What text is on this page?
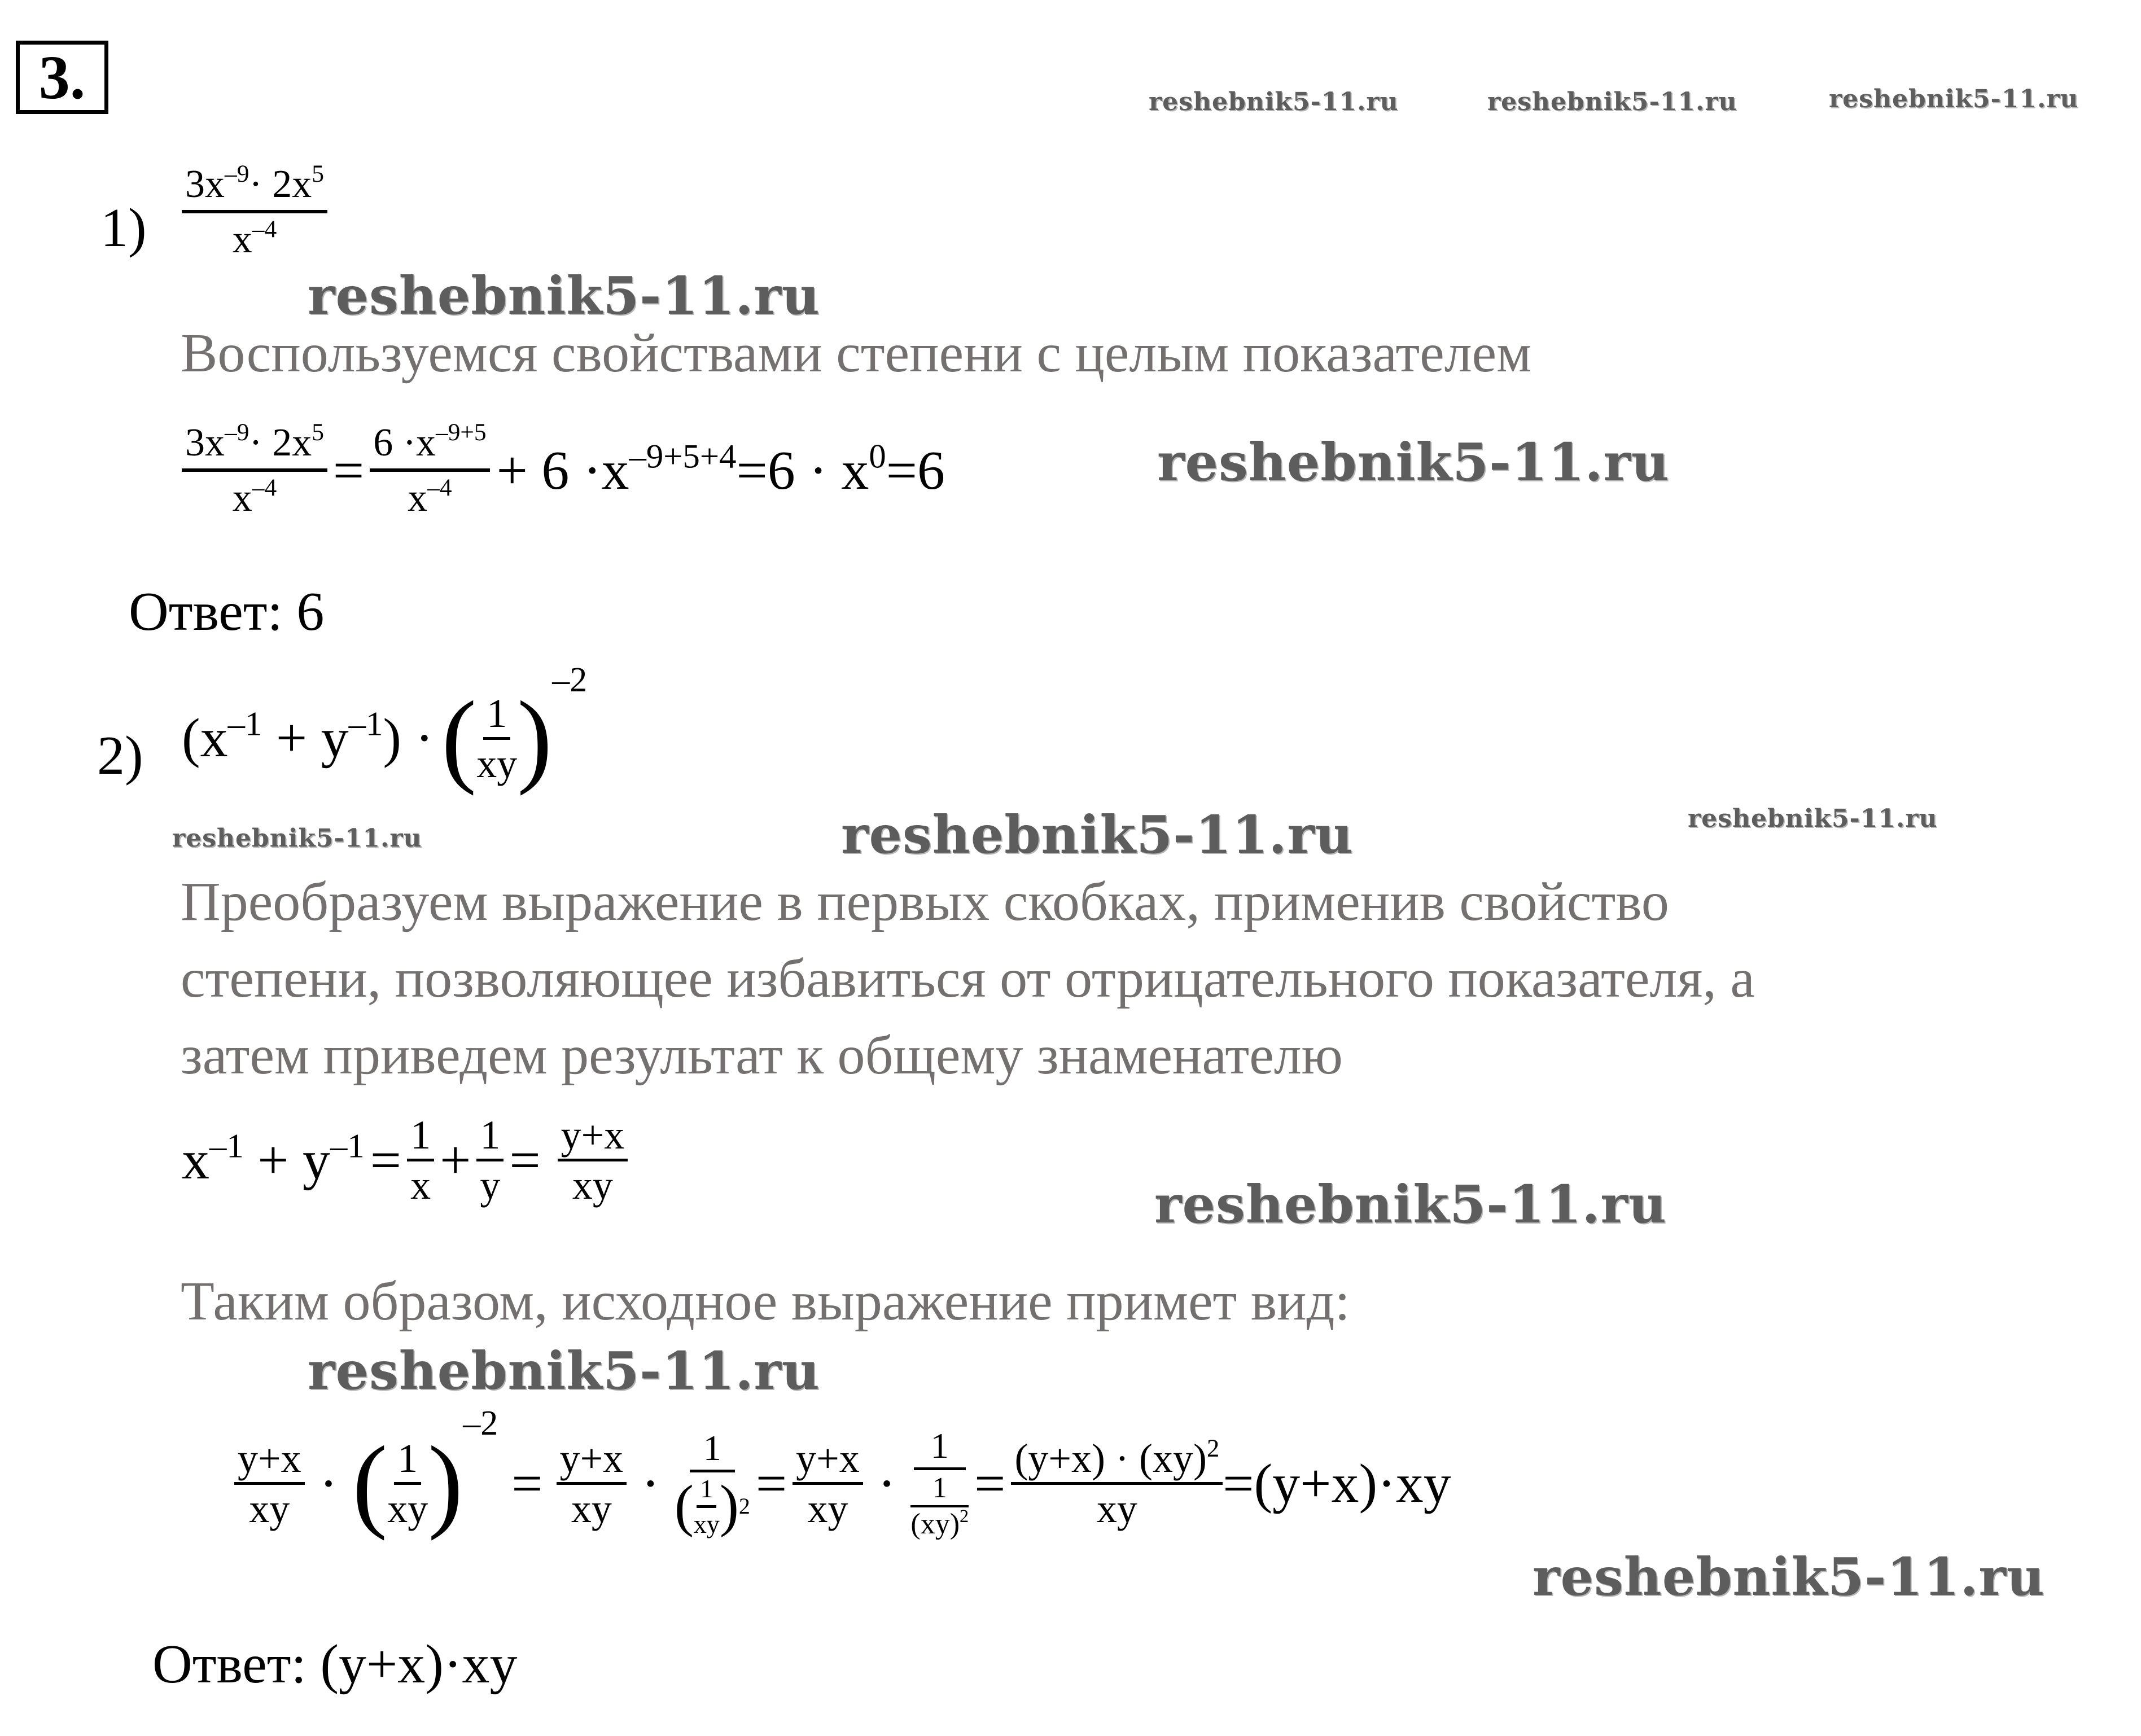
3.	reshebnik5-11.ru	reshebnik5-11.ru	reshebnik5-11.ru
$1) \frac{3x^{-9}\cdot 2x^5}{x^{-4}}$
reshebnik5-11.ru
Воспользуемся свойствами степени с целым показателем
$\frac{3x^{-9}\cdot 2x^5}{x^{-4}} = \frac{6 \cdot x^{-9+5}}{x^{-4}} + 6 \cdot x^{-9+5+4}=6 \cdot x^0=6$	reshebnik5-11.ru
Ответ: 6
2) $(x^{-1} + y^{-1})$ · ( $\frac{1}{xy}$ ) –2
reshebnik5-11.ru	reshebnik5-11.ru	reshebnik5-11.ru
Преобразуем выражение в первых скобках, применив свойство
степени, позволяющее избавиться от отрицательного показателя, а
затем приведем результат к общему знаменателю
$x^{-1} + y^{-1} = \frac{1}{x} + \frac{1}{y} = \frac{y+x}{xy}$	reshebnik5-11.ru
Таким образом, исходное выражение примет вид:
reshebnik5-11.ru
$\frac{y+x}{xy}$ · ( $\frac{1}{xy}$ )
–2
= $\frac{y+x}{xy} \cdot \frac{1}{( \frac{1}{xy} ) 2} = \frac{y+x}{xy} \cdot \frac{1}{\frac{1}{(xy)^2}} = \frac{(y+x) \cdot (xy)^2}{xy} =(y+x)\cdot xy$
reshebnik5-11.ru
Ответ: (y+x)·xy
